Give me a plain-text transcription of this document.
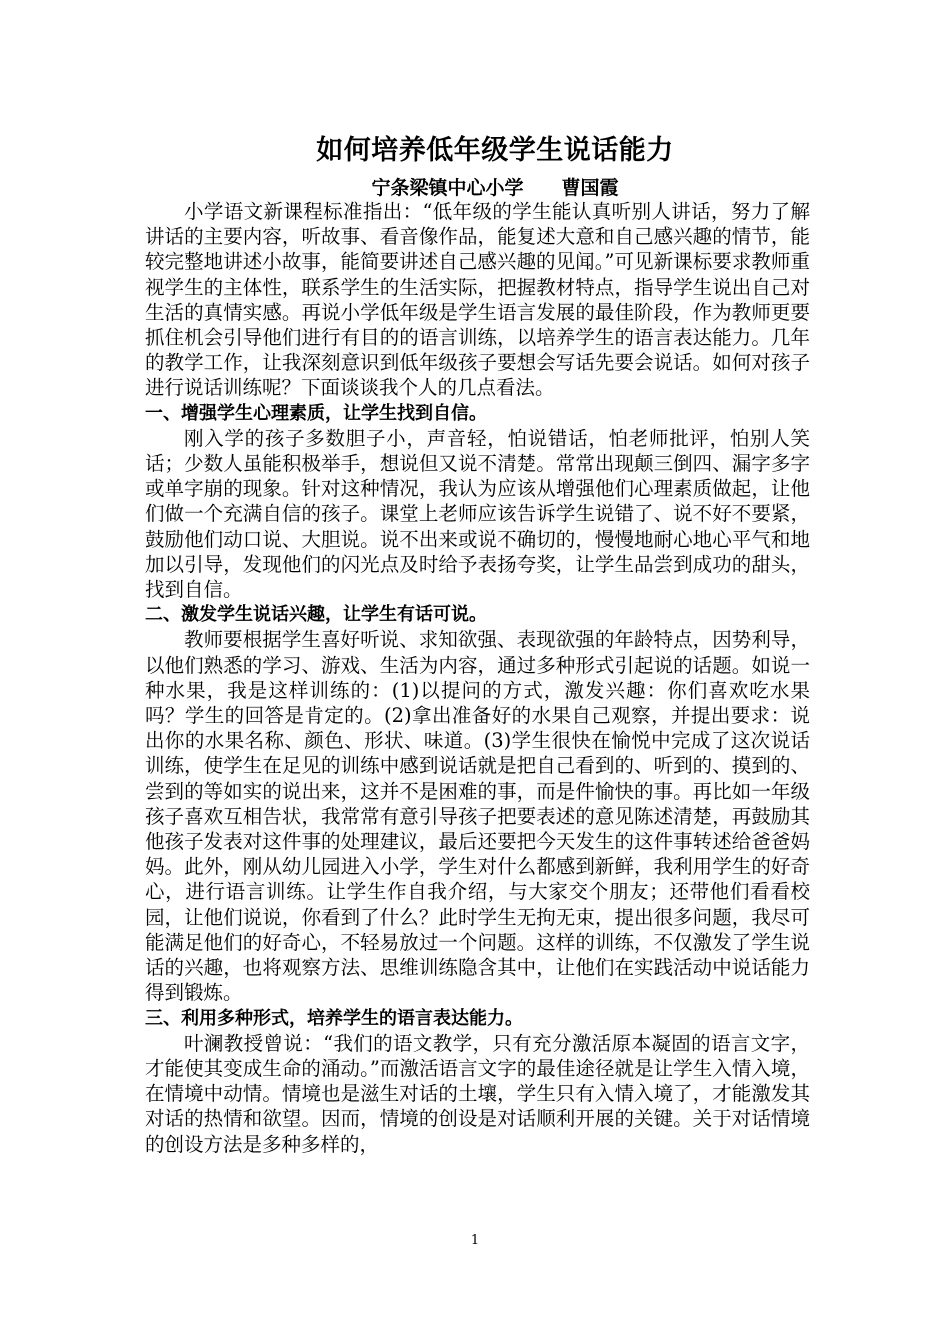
如何培养低年级学生说话能力
宁条梁镇中心小学　　曹国霞

小学语文新课程标准指出：“低年级的学生能认真听别人讲话，努力了解讲话的主要内容，听故事、看音像作品，能复述大意和自己感兴趣的情节，能较完整地讲述小故事，能简要讲述自己感兴趣的见闻。”可见新课标要求教师重视学生的主体性，联系学生的生活实际，把握教材特点，指导学生说出自己对生活的真情实感。再说小学低年级是学生语言发展的最佳阶段，作为教师更要抓住机会引导他们进行有目的的语言训练，以培养学生的语言表达能力。几年的教学工作，让我深刻意识到低年级孩子要想会写话先要会说话。如何对孩子进行说话训练呢？下面谈谈我个人的几点看法。

一、增强学生心理素质，让学生找到自信。

刚入学的孩子多数胆子小，声音轻，怕说错话，怕老师批评，怕别人笑话；少数人虽能积极举手，想说但又说不清楚。常常出现颠三倒四、漏字多字或单字崩的现象。针对这种情况，我认为应该从增强他们心理素质做起，让他们做一个充满自信的孩子。课堂上老师应该告诉学生说错了、说不好不要紧，鼓励他们动口说、大胆说。说不出来或说不确切的，慢慢地耐心地心平气和地加以引导，发现他们的闪光点及时给予表扬夸奖，让学生品尝到成功的甜头，找到自信。

二、激发学生说话兴趣，让学生有话可说。

教师要根据学生喜好听说、求知欲强、表现欲强的年龄特点，因势利导，以他们熟悉的学习、游戏、生活为内容，通过多种形式引起说的话题。如说一种水果，我是这样训练的：(1)以提问的方式，激发兴趣：你们喜欢吃水果吗？学生的回答是肯定的。(2)拿出准备好的水果自己观察，并提出要求：说出你的水果名称、颜色、形状、味道。(3)学生很快在愉悦中完成了这次说话训练，使学生在足见的训练中感到说话就是把自己看到的、听到的、摸到的、尝到的等如实的说出来，这并不是困难的事，而是件愉快的事。再比如一年级孩子喜欢互相告状，我常常有意引导孩子把要表述的意见陈述清楚，再鼓励其他孩子发表对这件事的处理建议，最后还要把今天发生的这件事转述给爸爸妈妈。此外，刚从幼儿园进入小学，学生对什么都感到新鲜，我利用学生的好奇心，进行语言训练。让学生作自我介绍，与大家交个朋友；还带他们看看校园，让他们说说，你看到了什么？此时学生无拘无束，提出很多问题，我尽可能满足他们的好奇心，不轻易放过一个问题。这样的训练，不仅激发了学生说话的兴趣，也将观察方法、思维训练隐含其中，让他们在实践活动中说话能力得到锻炼。

三、利用多种形式，培养学生的语言表达能力。

叶澜教授曾说：“我们的语文教学，只有充分激活原本凝固的语言文字，才能使其变成生命的涌动。”而激活语言文字的最佳途径就是让学生入情入境，在情境中动情。情境也是滋生对话的土壤，学生只有入情入境了，才能激发其对话的热情和欲望。因而，情境的创设是对话顺利开展的关键。关于对话情境的创设方法是多种多样的，

1
